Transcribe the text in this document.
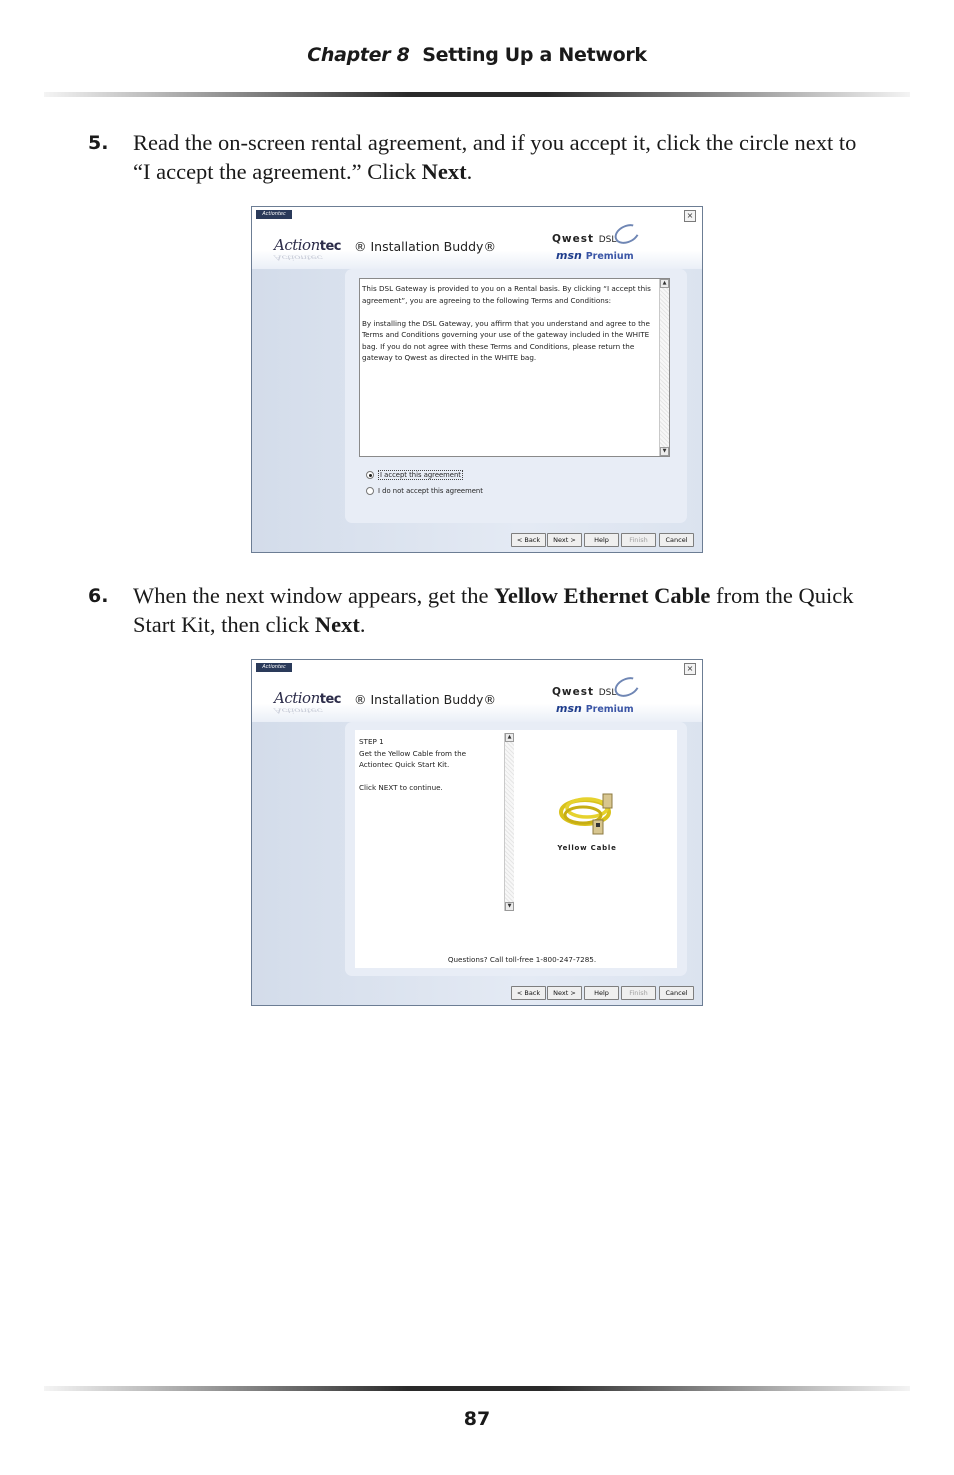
Chapter 8 Setting Up a Network
5. Read the on-screen rental agreement, and if you accept it, click the circle next to “I accept the agreement.” Click Next.
Actiontec	×
Actiontec
Actiontec
® Installation Buddy®	Qwest DSL
msn Premium

This DSL Gateway is provided to you on a Rental basis. By clicking “I accept this agreement”, you are agreeing to the following Terms and Conditions:

By installing the DSL Gateway, you affirm that you understand and agree to the Terms and Conditions governing your use of the gateway included in the WHITE bag. If you do not agree with these Terms and Conditions, please return the gateway to Qwest as directed in the WHITE bag.

▲
▼
I accept this agreement
I do not accept this agreement
< Back	Next >	Help	Finish	Cancel
6. When the next window appears, get the Yellow Ethernet Cable from the Quick Start Kit, then click Next.
Actiontec	×
Actiontec
Actiontec
® Installation Buddy®	Qwest DSL
msn Premium
STEP 1

Get the Yellow Cable from the Actiontec Quick Start Kit.

Click NEXT to continue.

▲
▼
Yellow Cable
Questions? Call toll-free 1-800-247-7285.
< Back	Next >	Help	Finish	Cancel
87
